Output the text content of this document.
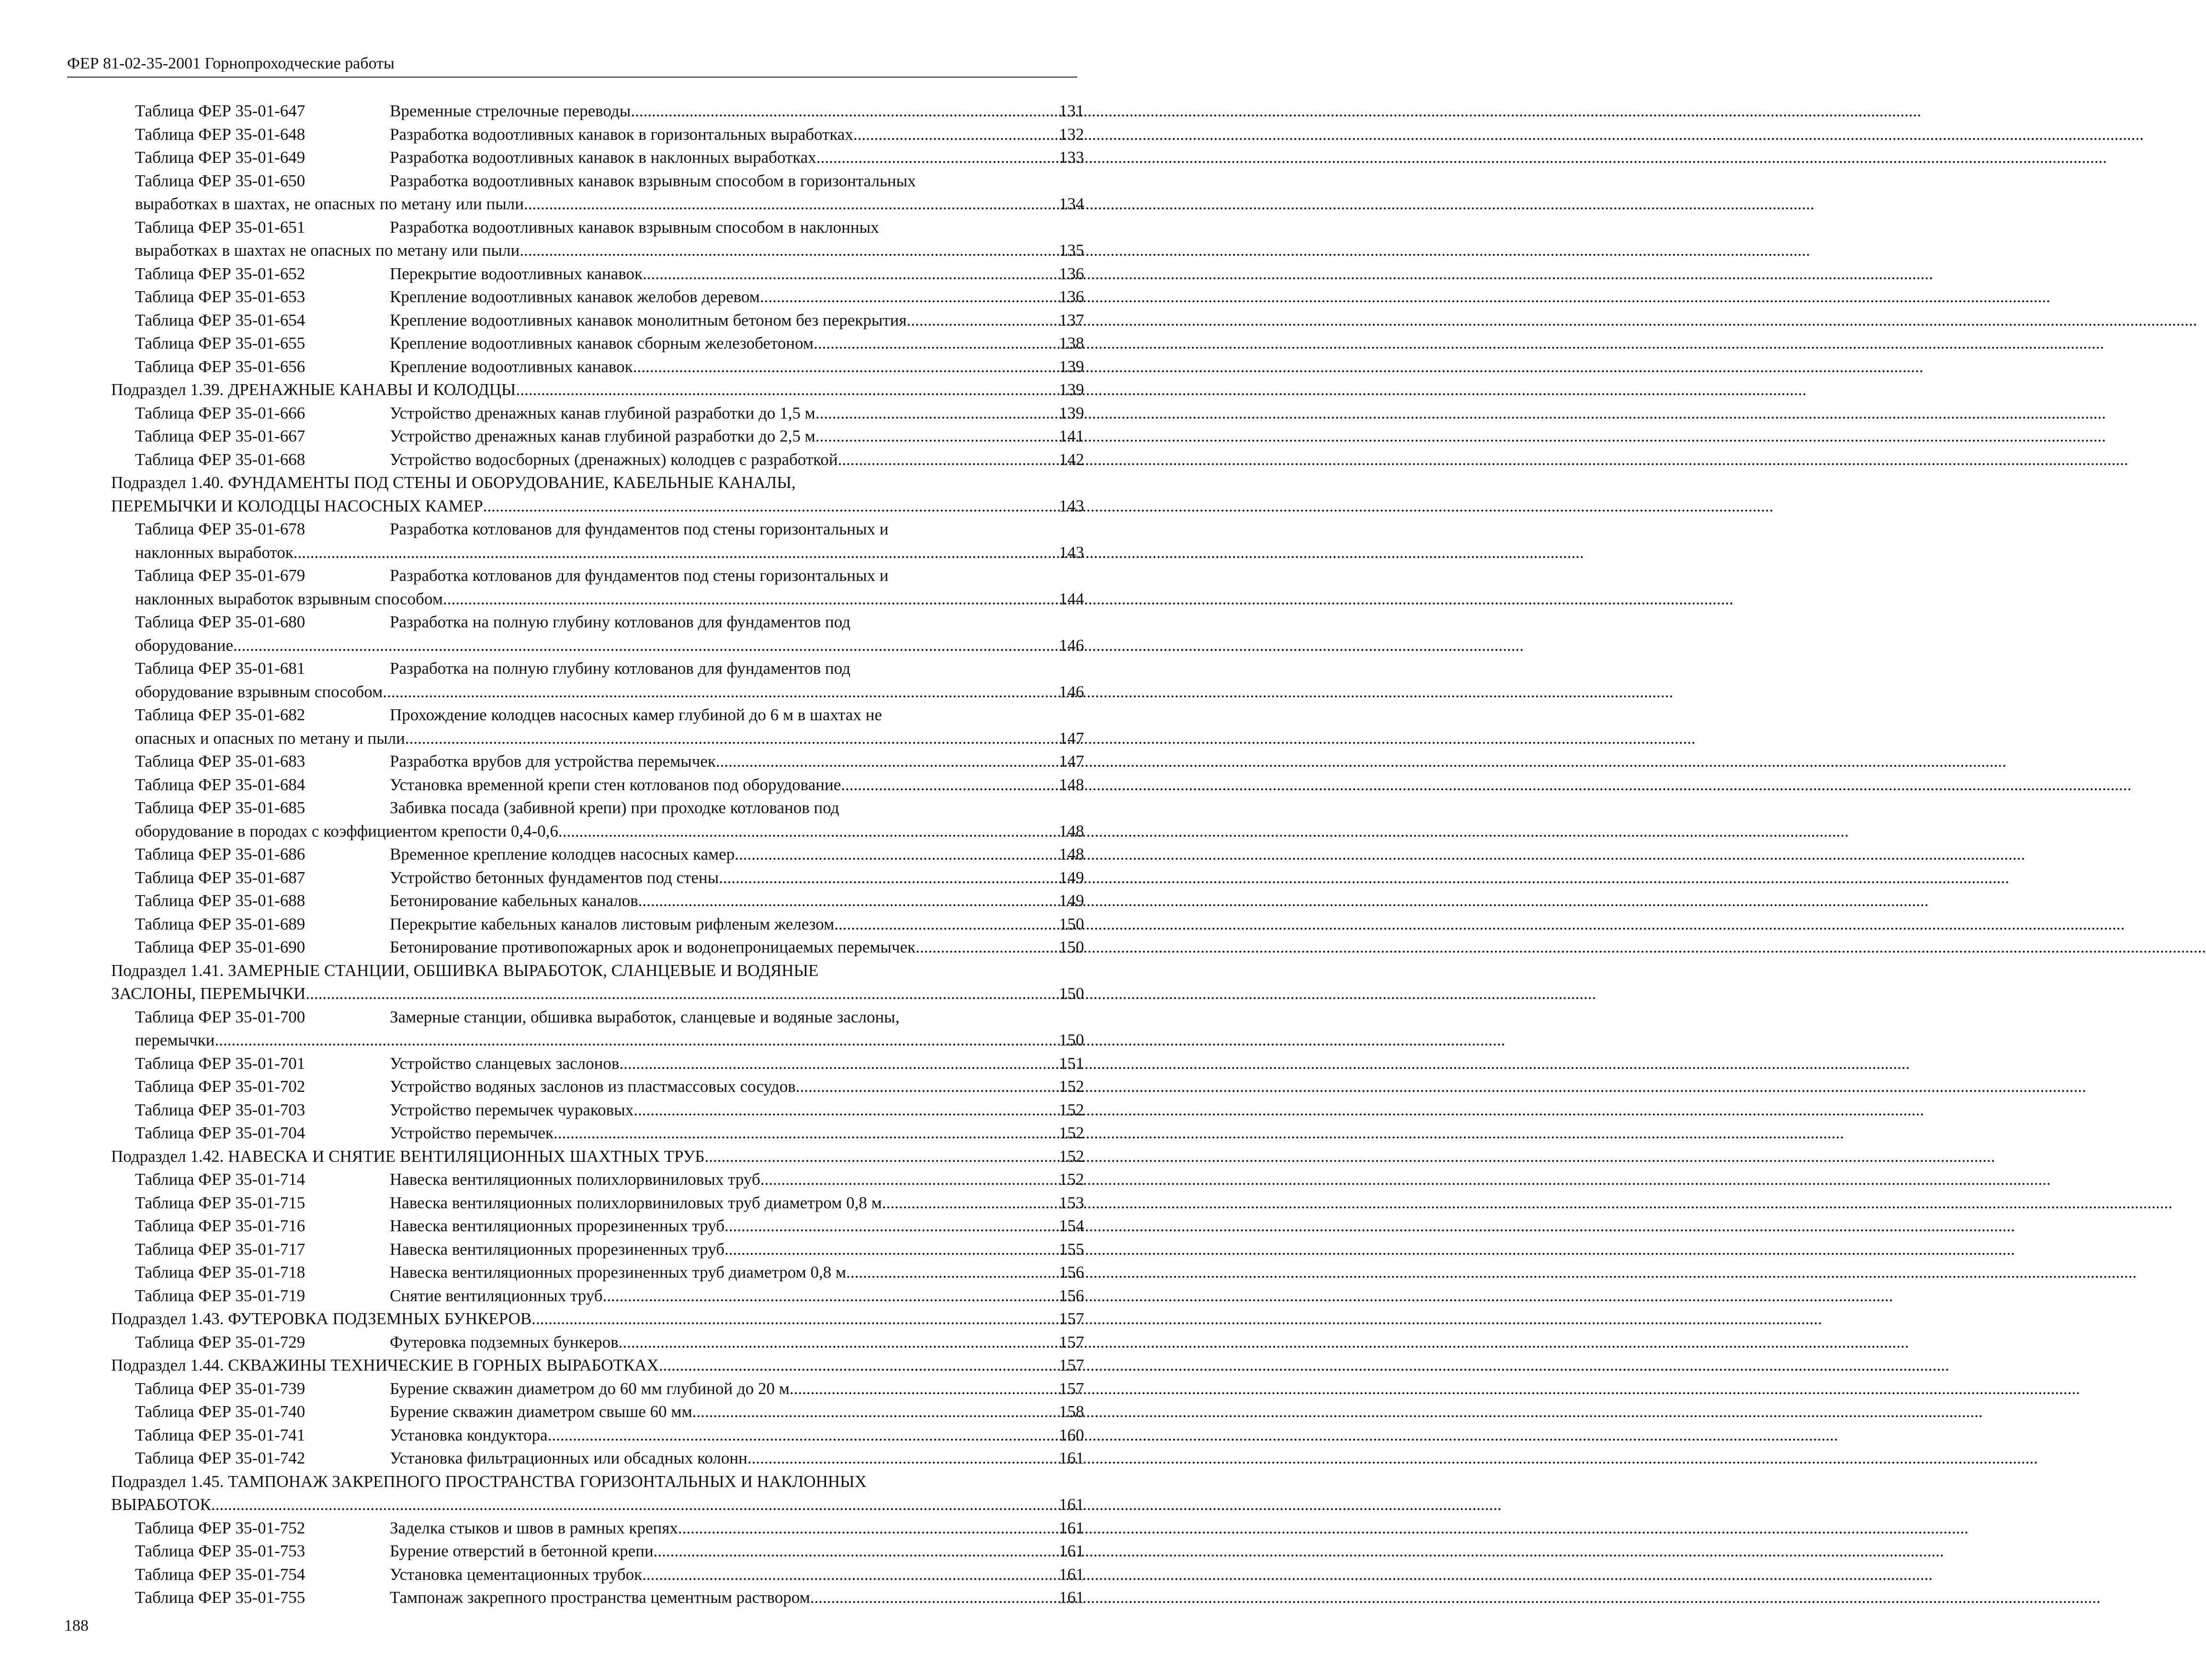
ФЕР 81-02-35-2001 Горнопроходческие работы
Таблица ФЕР 35-01-647	Временные стрелочные переводы .....	131
Таблица ФЕР 35-01-648	Разработка водоотливных канавок в горизонтальных выработках .....	132
Таблица ФЕР 35-01-649	Разработка водоотливных канавок в наклонных выработках .....	133
Таблица ФЕР 35-01-650	Разработка водоотливных канавок взрывным способом в горизонтальных
выработках в шахтах, не опасных по метану или пыли .....	134
Таблица ФЕР 35-01-651	Разработка водоотливных канавок взрывным способом в наклонных
выработках в шахтах не опасных по метану или пыли .....	135
Таблица ФЕР 35-01-652	Перекрытие водоотливных канавок .....	136
Таблица ФЕР 35-01-653	Крепление водоотливных канавок желобов деревом .....	136
Таблица ФЕР 35-01-654	Крепление водоотливных канавок монолитным бетоном без перекрытия .....	137
Таблица ФЕР 35-01-655	Крепление водоотливных канавок сборным железобетоном .....	138
Таблица ФЕР 35-01-656	Крепление водоотливных канавок .....	139
Подраздел 1.39. ДРЕНАЖНЫЕ КАНАВЫ И КОЛОДЦЫ .....	139
Таблица ФЕР 35-01-666	Устройство дренажных канав глубиной разработки до 1,5 м .....	139
Таблица ФЕР 35-01-667	Устройство дренажных канав глубиной разработки до 2,5 м .....	141
Таблица ФЕР 35-01-668	Устройство водосборных (дренажных) колодцев с разработкой .....	142
Подраздел 1.40. ФУНДАМЕНТЫ ПОД СТЕНЫ И ОБОРУДОВАНИЕ, КАБЕЛЬНЫЕ КАНАЛЫ,
ПЕРЕМЫЧКИ И КОЛОДЦЫ НАСОСНЫХ КАМЕР .....	143
Таблица ФЕР 35-01-678	Разработка котлованов для фундаментов под стены горизонтальных и
наклонных выработок .....	143
Таблица ФЕР 35-01-679	Разработка котлованов для фундаментов под стены горизонтальных и
наклонных выработок взрывным способом .....	144
Таблица ФЕР 35-01-680	Разработка на полную глубину котлованов для фундаментов под
оборудование .....	146
Таблица ФЕР 35-01-681	Разработка на полную глубину котлованов для фундаментов под
оборудование взрывным способом .....	146
Таблица ФЕР 35-01-682	Прохождение колодцев насосных камер глубиной до 6 м в шахтах не
опасных и опасных по метану и пыли .....	147
Таблица ФЕР 35-01-683	Разработка врубов для устройства перемычек .....	147
Таблица ФЕР 35-01-684	Установка временной крепи стен котлованов под оборудование .....	148
Таблица ФЕР 35-01-685	Забивка посада (забивной крепи) при проходке котлованов под
оборудование в породах с коэффициентом крепости 0,4-0,6 .....	148
Таблица ФЕР 35-01-686	Временное крепление колодцев насосных камер .....	148
Таблица ФЕР 35-01-687	Устройство бетонных фундаментов под стены .....	149
Таблица ФЕР 35-01-688	Бетонирование кабельных каналов .....	149
Таблица ФЕР 35-01-689	Перекрытие кабельных каналов листовым рифленым железом .....	150
Таблица ФЕР 35-01-690	Бетонирование противопожарных арок и водонепроницаемых перемычек .....	150
Подраздел 1.41. ЗАМЕРНЫЕ СТАНЦИИ, ОБШИВКА ВЫРАБОТОК, СЛАНЦЕВЫЕ И ВОДЯНЫЕ
ЗАСЛОНЫ, ПЕРЕМЫЧКИ .....	150
Таблица ФЕР 35-01-700	Замерные станции, обшивка выработок, сланцевые и водяные заслоны,
перемычки .....	150
Таблица ФЕР 35-01-701	Устройство сланцевых заслонов .....	151
Таблица ФЕР 35-01-702	Устройство водяных заслонов из пластмассовых сосудов .....	152
Таблица ФЕР 35-01-703	Устройство перемычек чураковых .....	152
Таблица ФЕР 35-01-704	Устройство перемычек .....	152
Подраздел 1.42. НАВЕСКА И СНЯТИЕ ВЕНТИЛЯЦИОННЫХ ШАХТНЫХ ТРУБ .....	152
Таблица ФЕР 35-01-714	Навеска вентиляционных полихлорвиниловых труб .....	152
Таблица ФЕР 35-01-715	Навеска вентиляционных полихлорвиниловых труб диаметром 0,8 м .....	153
Таблица ФЕР 35-01-716	Навеска вентиляционных прорезиненных труб .....	154
Таблица ФЕР 35-01-717	Навеска вентиляционных прорезиненных труб .....	155
Таблица ФЕР 35-01-718	Навеска вентиляционных прорезиненных труб диаметром 0,8 м .....	156
Таблица ФЕР 35-01-719	Снятие вентиляционных труб .....	156
Подраздел 1.43. ФУТЕРОВКА ПОДЗЕМНЫХ БУНКЕРОВ .....	157
Таблица ФЕР 35-01-729	Футеровка подземных бункеров .....	157
Подраздел 1.44. СКВАЖИНЫ ТЕХНИЧЕСКИЕ В ГОРНЫХ ВЫРАБОТКАХ .....	157
Таблица ФЕР 35-01-739	Бурение скважин диаметром до 60 мм глубиной до 20 м .....	157
Таблица ФЕР 35-01-740	Бурение скважин диаметром свыше 60 мм .....	158
Таблица ФЕР 35-01-741	Установка кондуктора .....	160
Таблица ФЕР 35-01-742	Установка фильтрационных или обсадных колонн .....	161
Подраздел 1.45. ТАМПОНАЖ ЗАКРЕПНОГО ПРОСТРАНСТВА ГОРИЗОНТАЛЬНЫХ И НАКЛОННЫХ
ВЫРАБОТОК .....	161
Таблица ФЕР 35-01-752	Заделка стыков и швов в рамных крепях .....	161
Таблица ФЕР 35-01-753	Бурение отверстий в бетонной крепи .....	161
Таблица ФЕР 35-01-754	Установка цементационных трубок .....	161
Таблица ФЕР 35-01-755	Тампонаж закрепного пространства цементным раствором .....	161
188
